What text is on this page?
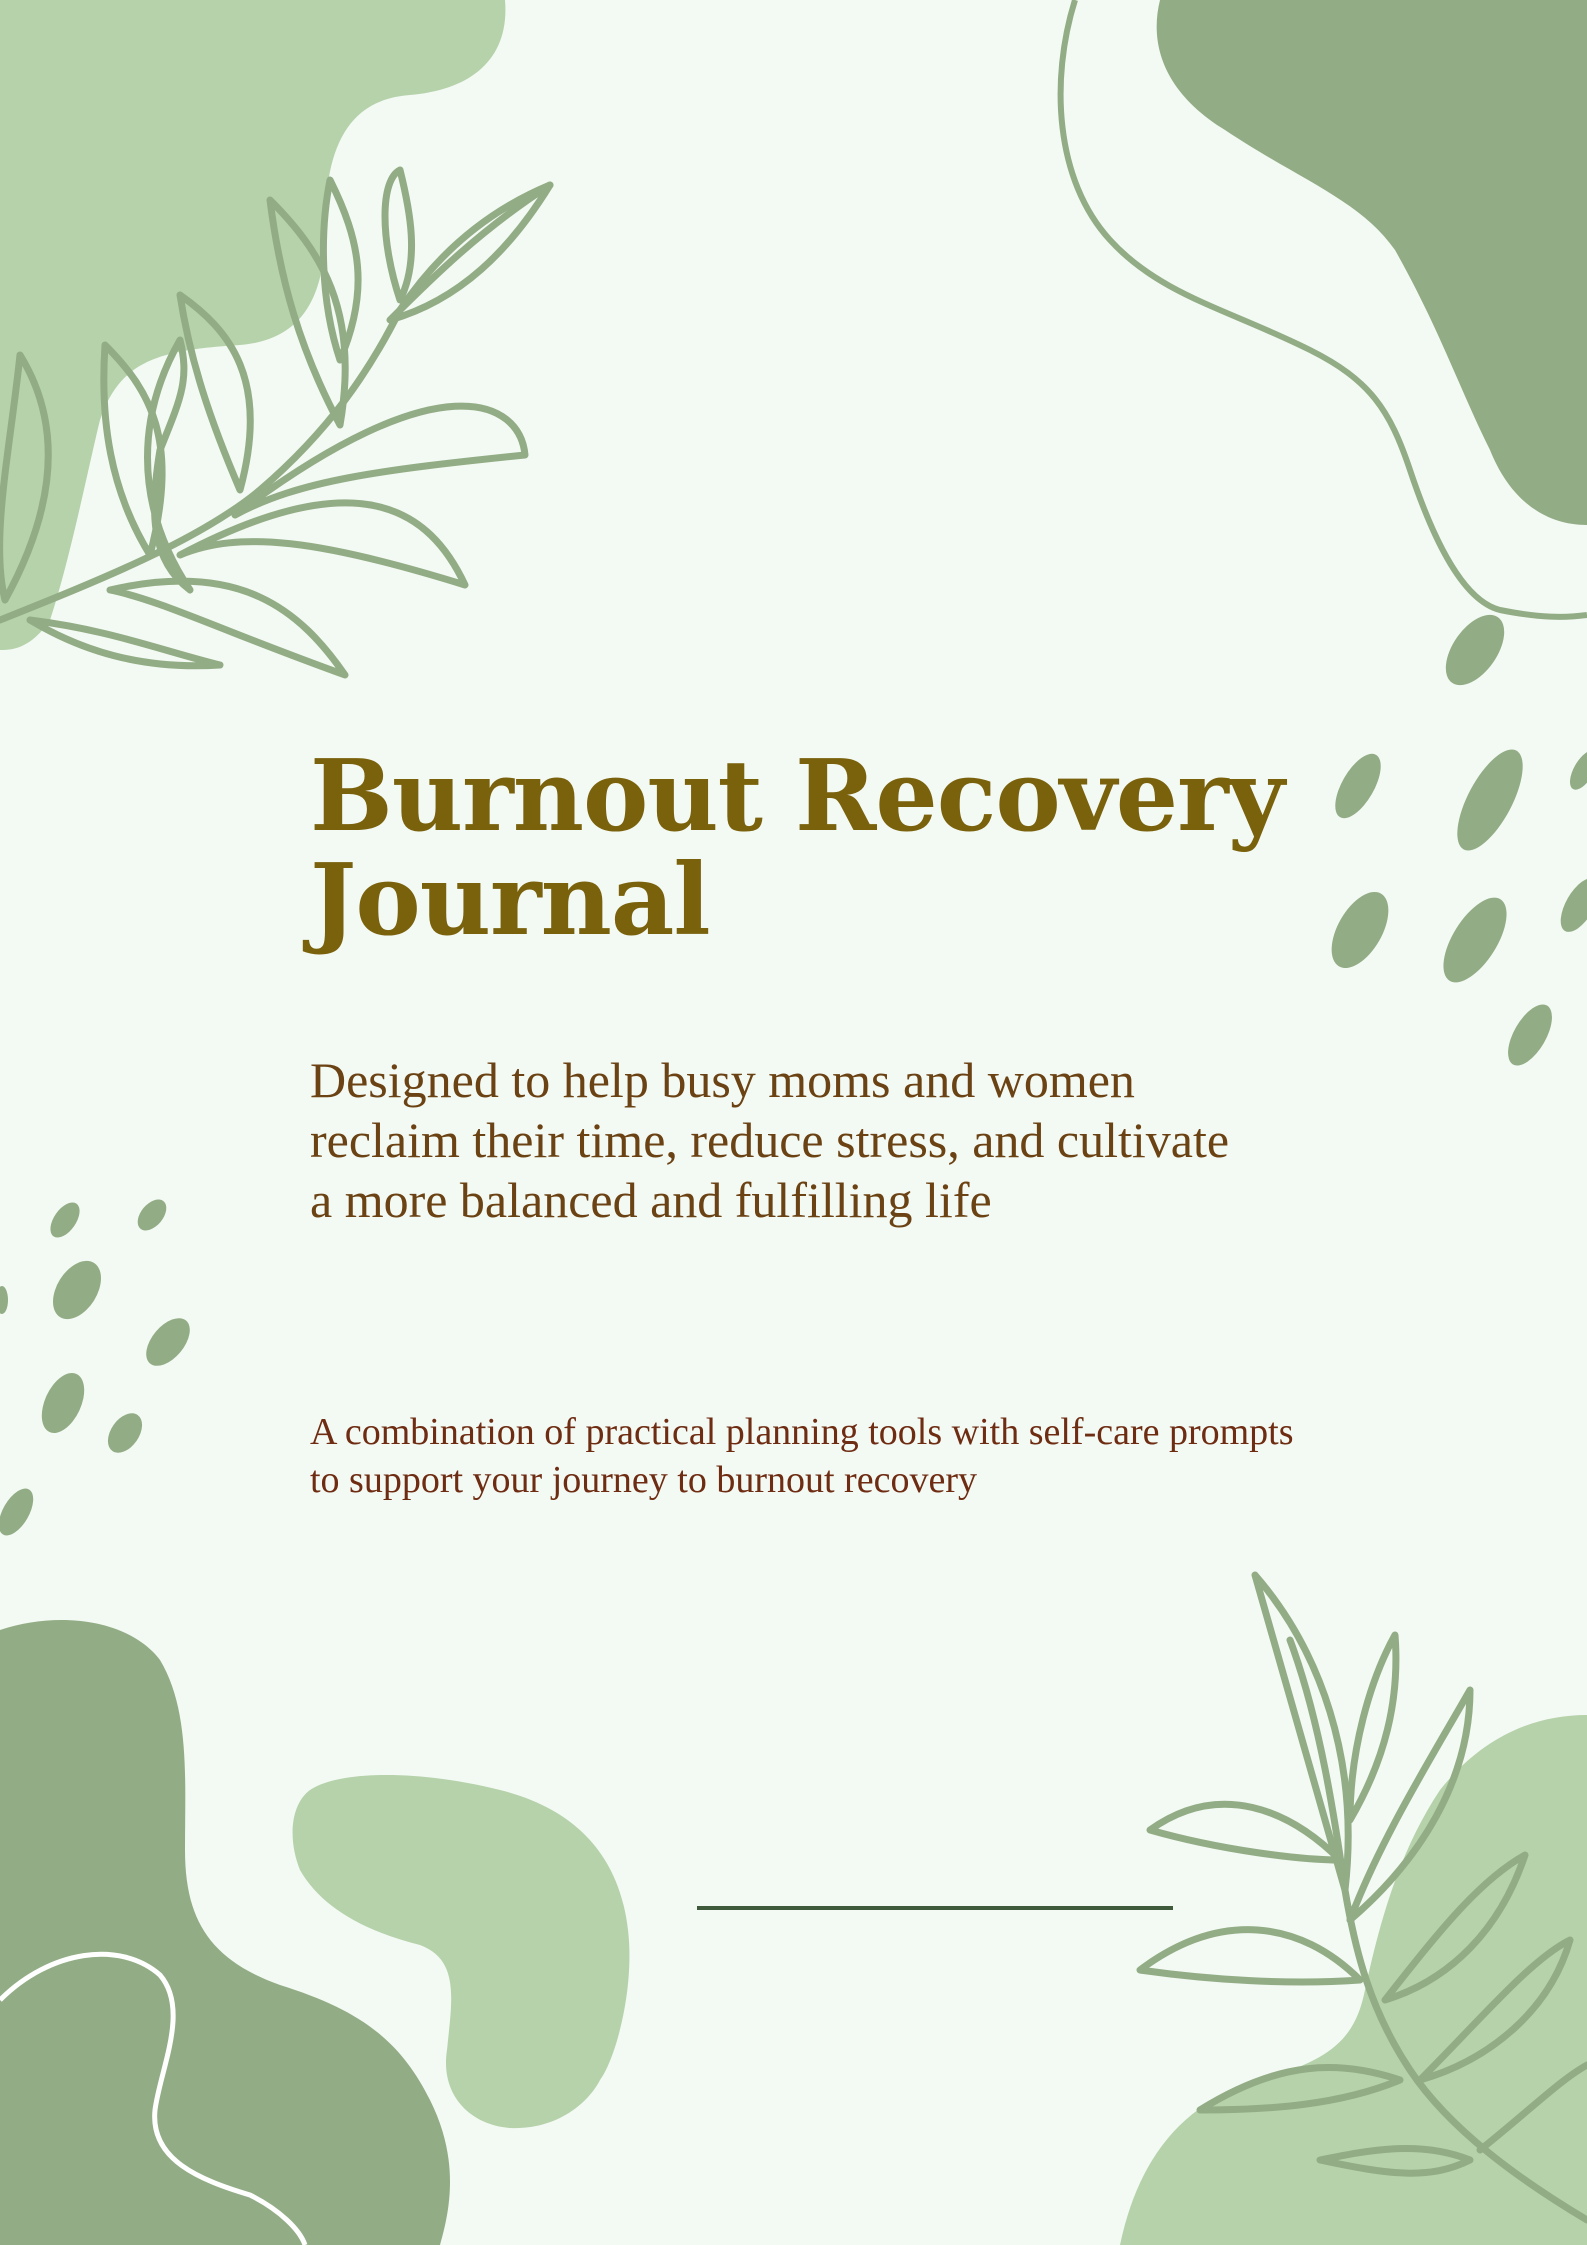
Burnout Recovery Journal

Designed to help busy moms and women reclaim their time, reduce stress, and cultivate a more balanced and fulfilling life

A combination of practical planning tools with self-care prompts to support your journey to burnout recovery
